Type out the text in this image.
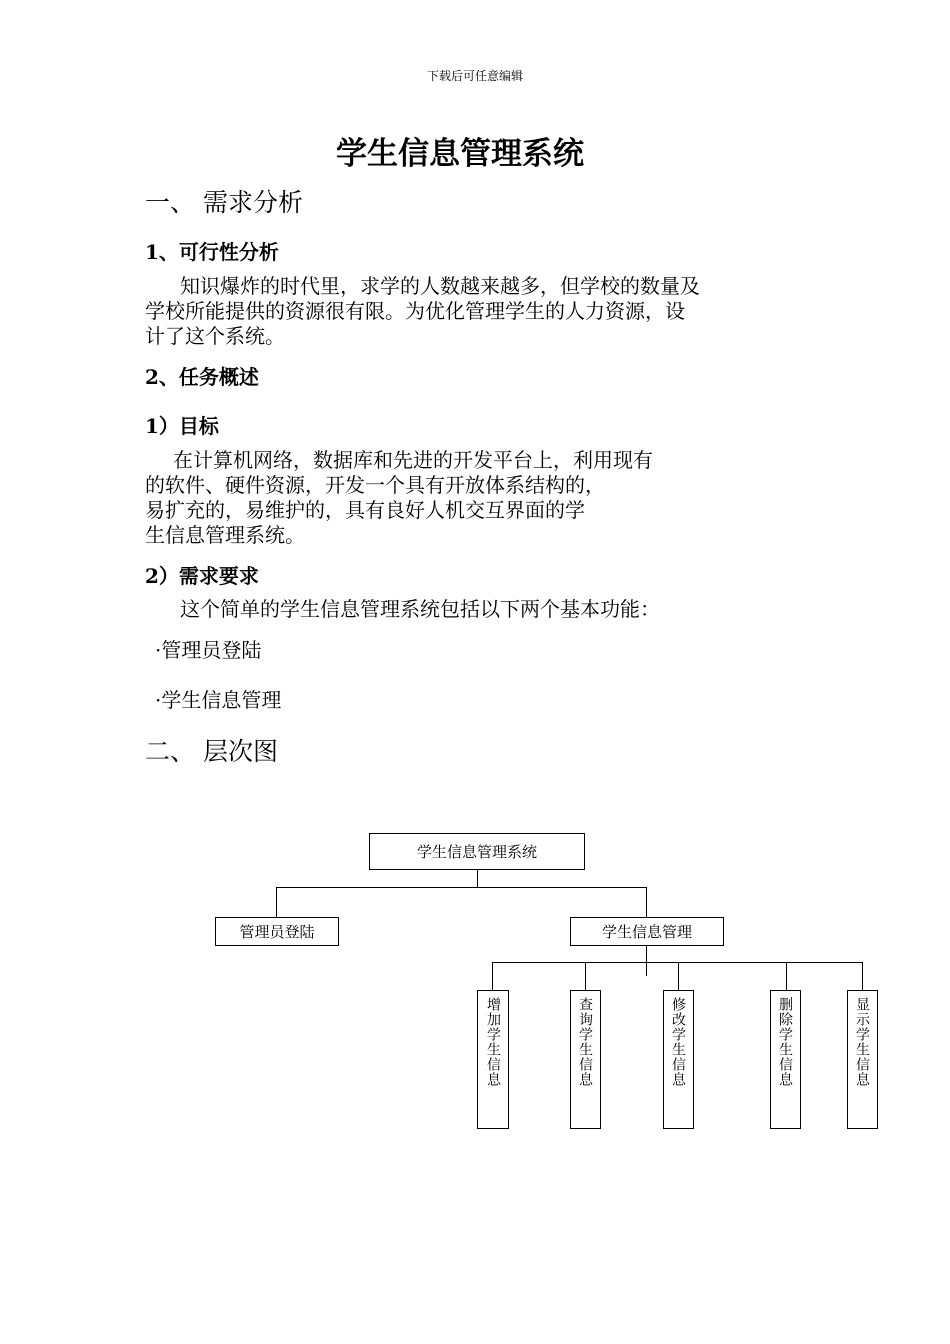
下载后可任意编辑
学生信息管理系统
一、 需求分析
1、可行性分析
知识爆炸的时代里，求学的人数越来越多，但学校的数量及
学校所能提供的资源很有限。为优化管理学生的人力资源，设
计了这个系统。
2、任务概述
1）目标
在计算机网络，数据库和先进的开发平台上，利用现有
的软件、硬件资源，开发一个具有开放体系结构的，
易扩充的，易维护的，具有良好人机交互界面的学
生信息管理系统。
2）需求要求
这个简单的学生信息管理系统包括以下两个基本功能：
·管理员登陆
·学生信息管理
二、 层次图
学生信息管理系统
管理员登陆	学生信息管理
增加学生信息	查询学生信息	修改学生信息	删除学生信息	显示学生信息
